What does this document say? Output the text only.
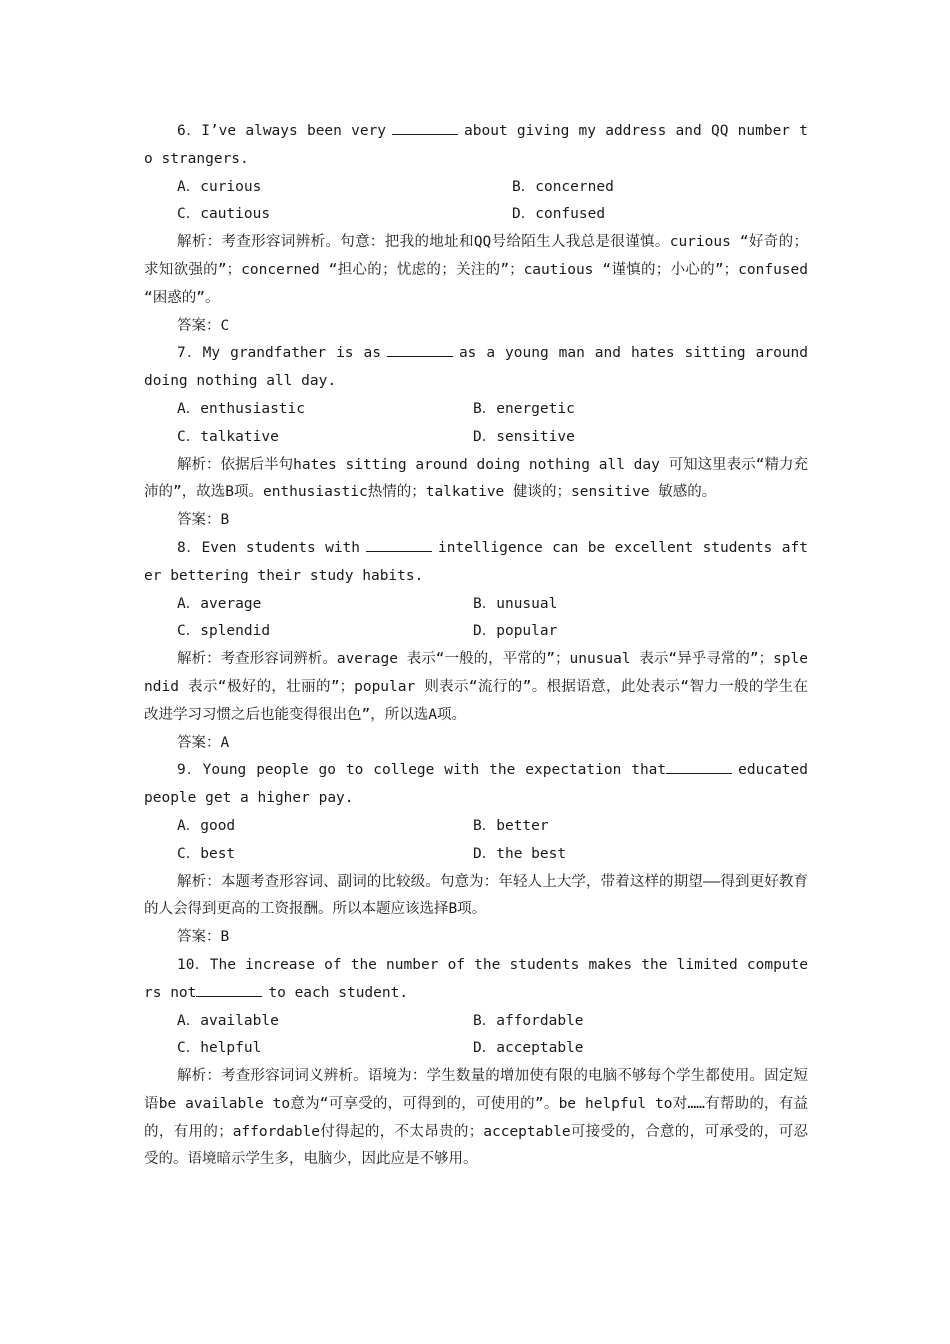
6．I’ve always been very	about giving my address and QQ number to strangers.

A．curious	B．concerned

C．cautious	D．confused

解析：考查形容词辨析。句意：把我的地址和QQ号给陌生人我总是很谨慎。curious “好奇的；求知欲强的”；concerned “担心的；忧虑的；关注的”；cautious “谨慎的；小心的”；confused “困惑的”。

答案：C

7．My grandfather is as	as a young man and hates sitting around doing nothing all day.

A．enthusiastic	B．energetic

C．talkative	D．sensitive

解析：依据后半句hates sitting around doing nothing all day 可知这里表示“精力充沛的”，故选B项。enthusiastic热情的；talkative 健谈的；sensitive 敏感的。

答案：B

8．Even students with	intelligence can be excellent students after bettering their study habits.

A．average	B．unusual

C．splendid	D．popular

解析：考查形容词辨析。average 表示“一般的，平常的”；unusual 表示“异乎寻常的”；splendid 表示“极好的，壮丽的”；popular 则表示“流行的”。根据语意，此处表示“智力一般的学生在改进学习习惯之后也能变得很出色”，所以选A项。

答案：A

9．Young people go to college with the expectation that	educated people get a higher pay.

A．good	B．better

C．best	D．the best

解析：本题考查形容词、副词的比较级。句意为：年轻人上大学，带着这样的期望——得到更好教育的人会得到更高的工资报酬。所以本题应该选择B项。

答案：B

10．The increase of the number of the students makes the limited computers not	to each student.

A．available	B．affordable

C．helpful	D．acceptable

解析：考查形容词词义辨析。语境为：学生数量的增加使有限的电脑不够每个学生都使用。固定短语be available to意为“可享受的，可得到的，可使用的”。be helpful to对……有帮助的，有益的，有用的；affordable付得起的，不太昂贵的；acceptable可接受的，合意的，可承受的，可忍受的。语境暗示学生多，电脑少，因此应是不够用。
